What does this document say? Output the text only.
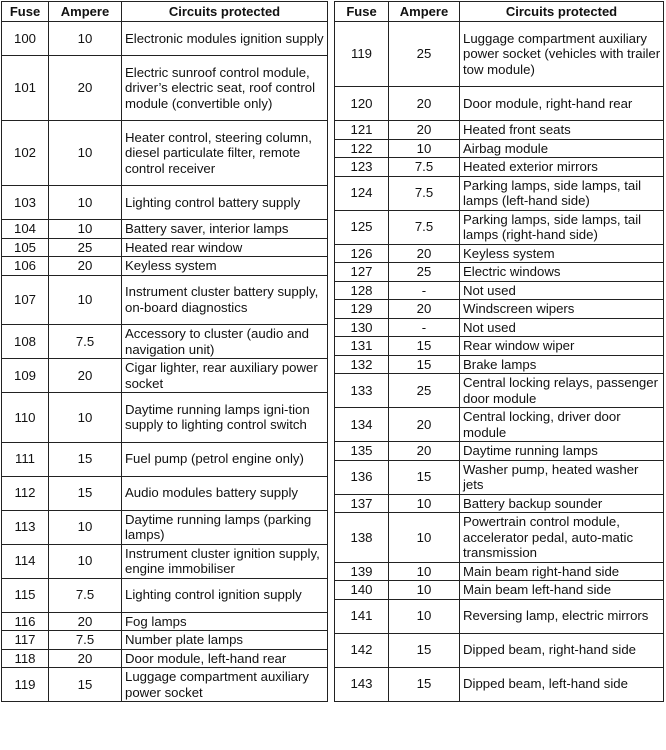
Fuse	Ampere	Circuits protected
100	10	Electronic modules ignition supply
101	20	Electric sunroof control module, driver’s electric seat, roof control module (convertible only)
102	10	Heater control, steering column, diesel particulate filter, remote control receiver
103	10	Lighting control battery supply
104	10	Battery saver, interior lamps
105	25	Heated rear window
106	20	Keyless system
107	10	Instrument cluster battery supply, on-board diagnostics
108	7.5	Accessory to cluster (audio and navigation unit)
109	20	Cigar lighter, rear auxiliary power socket
110	10	Daytime running lamps igni-tion supply to lighting control switch
111	15	Fuel pump (petrol engine only)
112	15	Audio modules battery supply
113	10	Daytime running lamps (parking lamps)
114	10	Instrument cluster ignition supply, engine immobiliser
115	7.5	Lighting control ignition supply
116	20	Fog lamps
117	7.5	Number plate lamps
118	20	Door module, left-hand rear
119	15	Luggage compartment auxiliary power socket
Fuse	Ampere	Circuits protected
119	25	Luggage compartment auxiliary power socket (vehicles with trailer tow module)
120	20	Door module, right-hand rear
121	20	Heated front seats
122	10	Airbag module
123	7.5	Heated exterior mirrors
124	7.5	Parking lamps, side lamps, tail lamps (left-hand side)
125	7.5	Parking lamps, side lamps, tail lamps (right-hand side)
126	20	Keyless system
127	25	Electric windows
128	-	Not used
129	20	Windscreen wipers
130	-	Not used
131	15	Rear window wiper
132	15	Brake lamps
133	25	Central locking relays, passenger door module
134	20	Central locking, driver door module
135	20	Daytime running lamps
136	15	Washer pump, heated washer jets
137	10	Battery backup sounder
138	10	Powertrain control module, accelerator pedal, auto-matic transmission
139	10	Main beam right-hand side
140	10	Main beam left-hand side
141	10	Reversing lamp, electric mirrors
142	15	Dipped beam, right-hand side
143	15	Dipped beam, left-hand side
